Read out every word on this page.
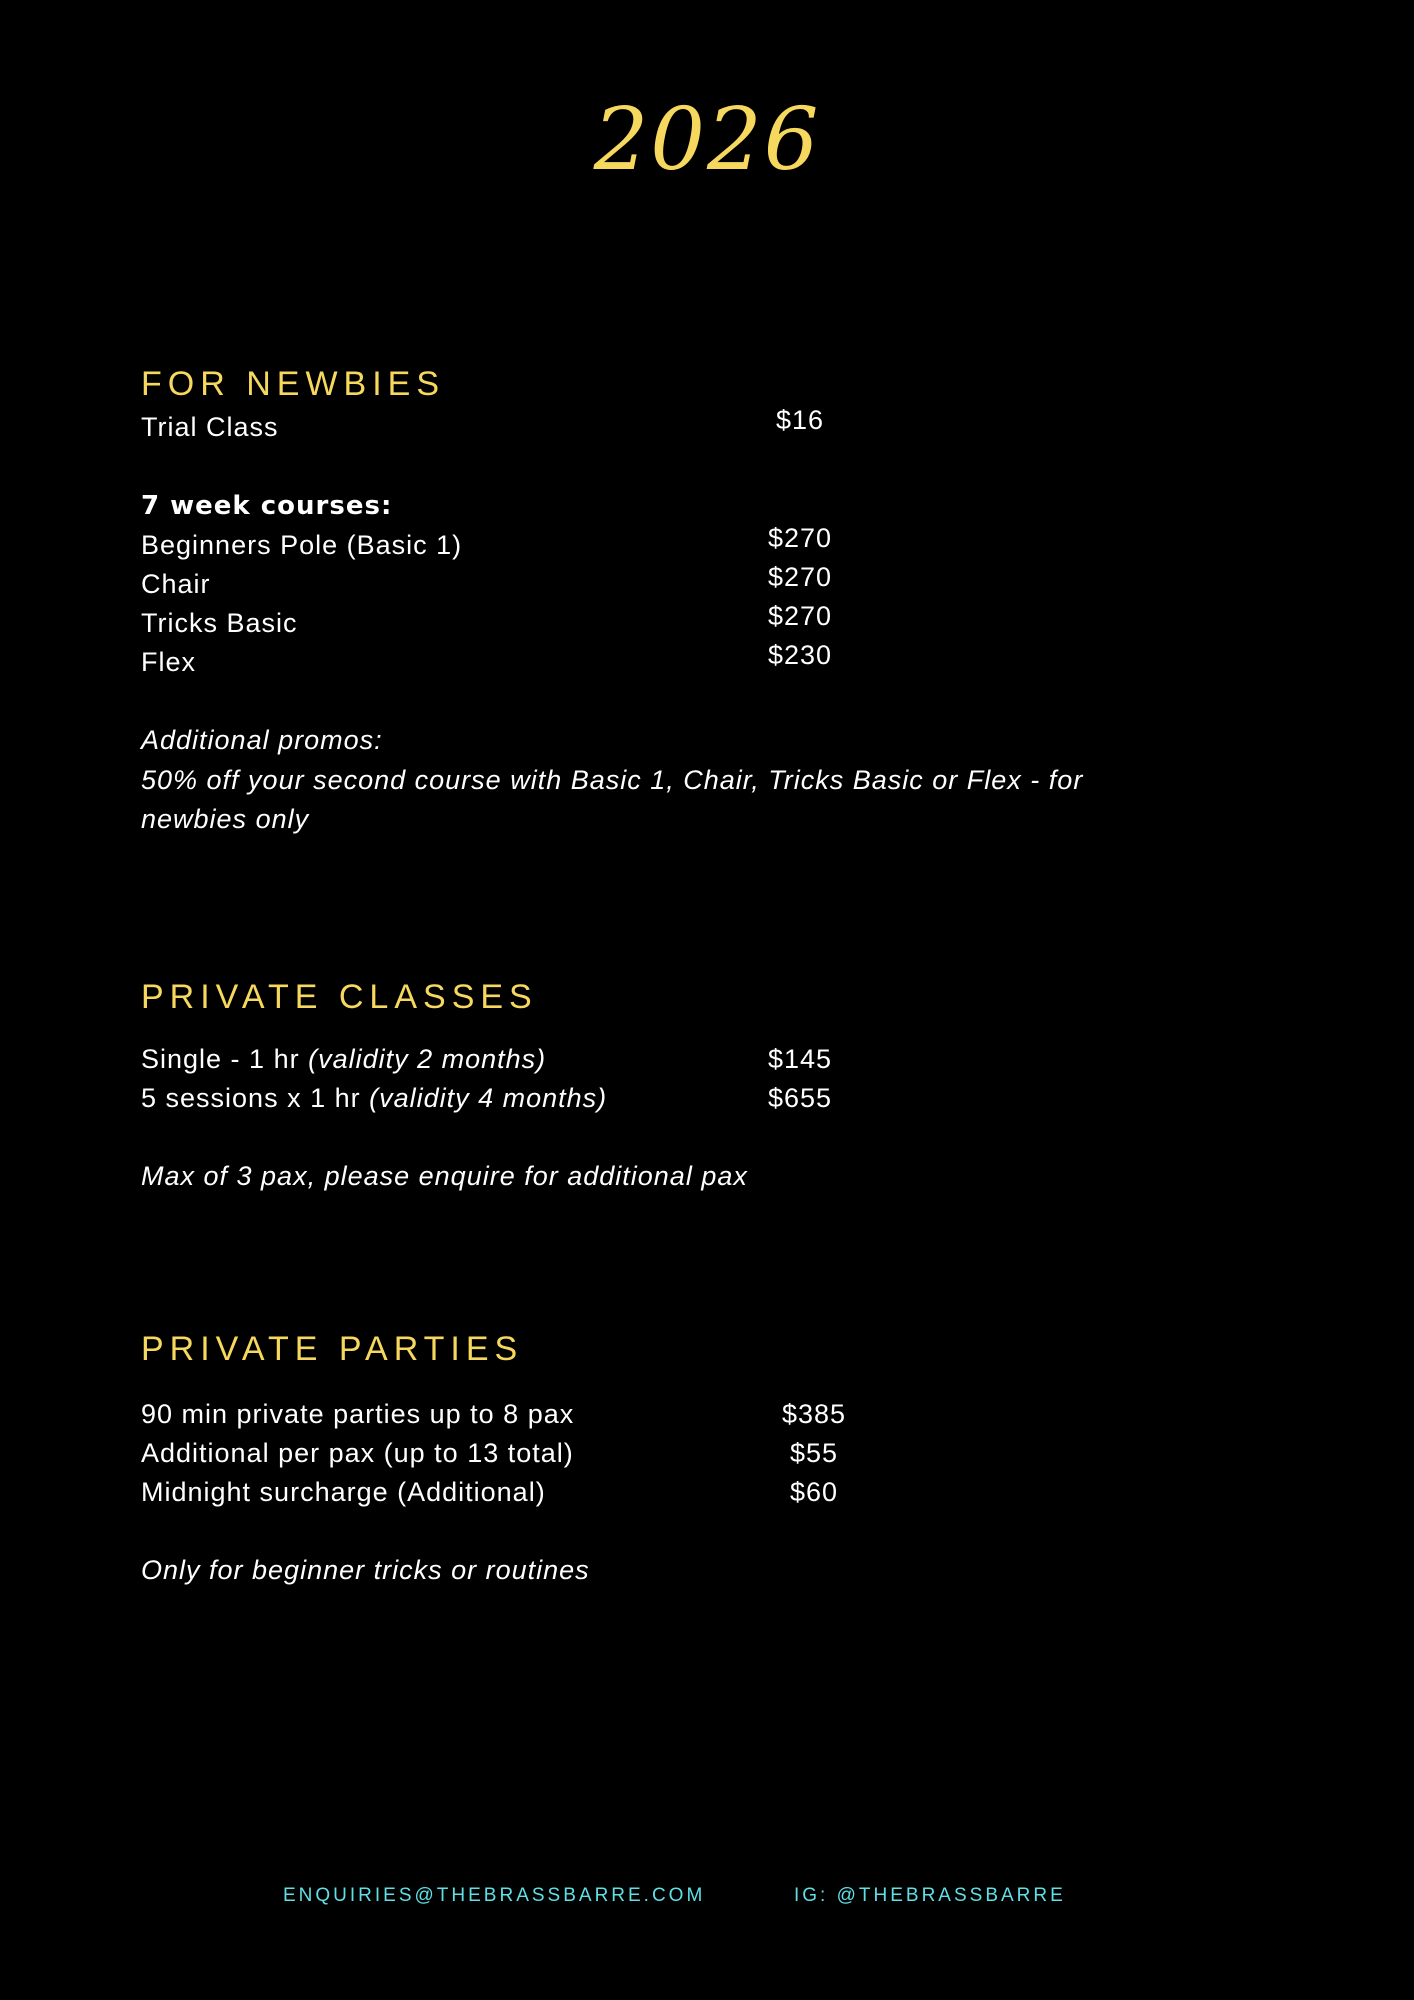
2026
FOR NEWBIES
Trial Class	$16
7 week courses:
Beginners Pole (Basic 1)	$270
Chair	$270
Tricks Basic	$270
Flex	$230
Additional promos:
50% off your second course with Basic 1, Chair, Tricks Basic or Flex - for newbies only
PRIVATE CLASSES
Single - 1 hr (validity 2 months)	$145
5 sessions x 1 hr (validity 4 months)	$655
Max of 3 pax, please enquire for additional pax
PRIVATE PARTIES
90 min private parties up to 8 pax	$385
Additional per pax (up to 13 total)	$55
Midnight surcharge (Additional)	$60
Only for beginner tricks or routines
ENQUIRIES@THEBRASSBARRE.COM	IG: @THEBRASSBARRE
